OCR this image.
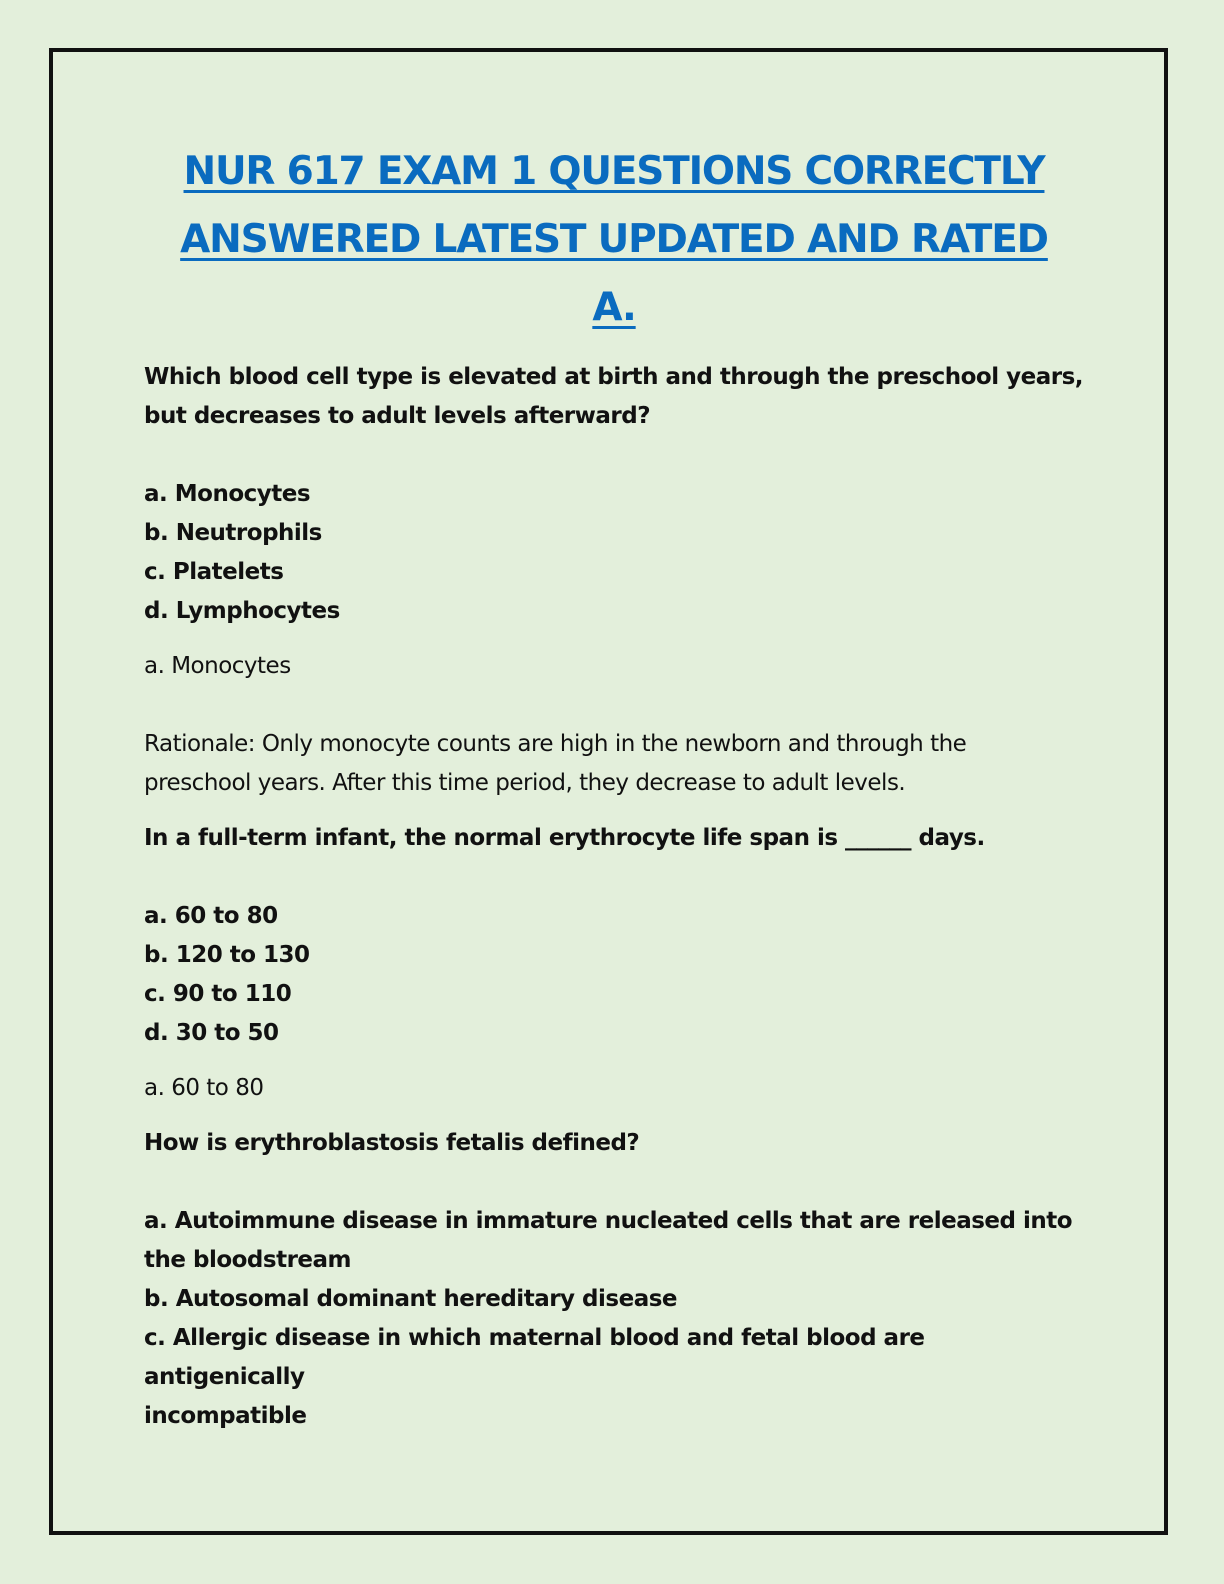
NUR 617 EXAM 1 QUESTIONS CORRECTLY
ANSWERED LATEST UPDATED AND RATED
A.

Which blood cell type is elevated at birth and through the preschool years,

but decreases to adult levels afterward?

a. Monocytes

b. Neutrophils

c. Platelets

d. Lymphocytes

a. Monocytes

Rationale: Only monocyte counts are high in the newborn and through the

preschool years. After this time period, they decrease to adult levels.

In a full-term infant, the normal erythrocyte life span is ______ days.

a. 60 to 80

b. 120 to 130

c. 90 to 110

d. 30 to 50

a. 60 to 80

How is erythroblastosis fetalis defined?

a. Autoimmune disease in immature nucleated cells that are released into

the bloodstream

b. Autosomal dominant hereditary disease

c. Allergic disease in which maternal blood and fetal blood are antigenically

incompatible
